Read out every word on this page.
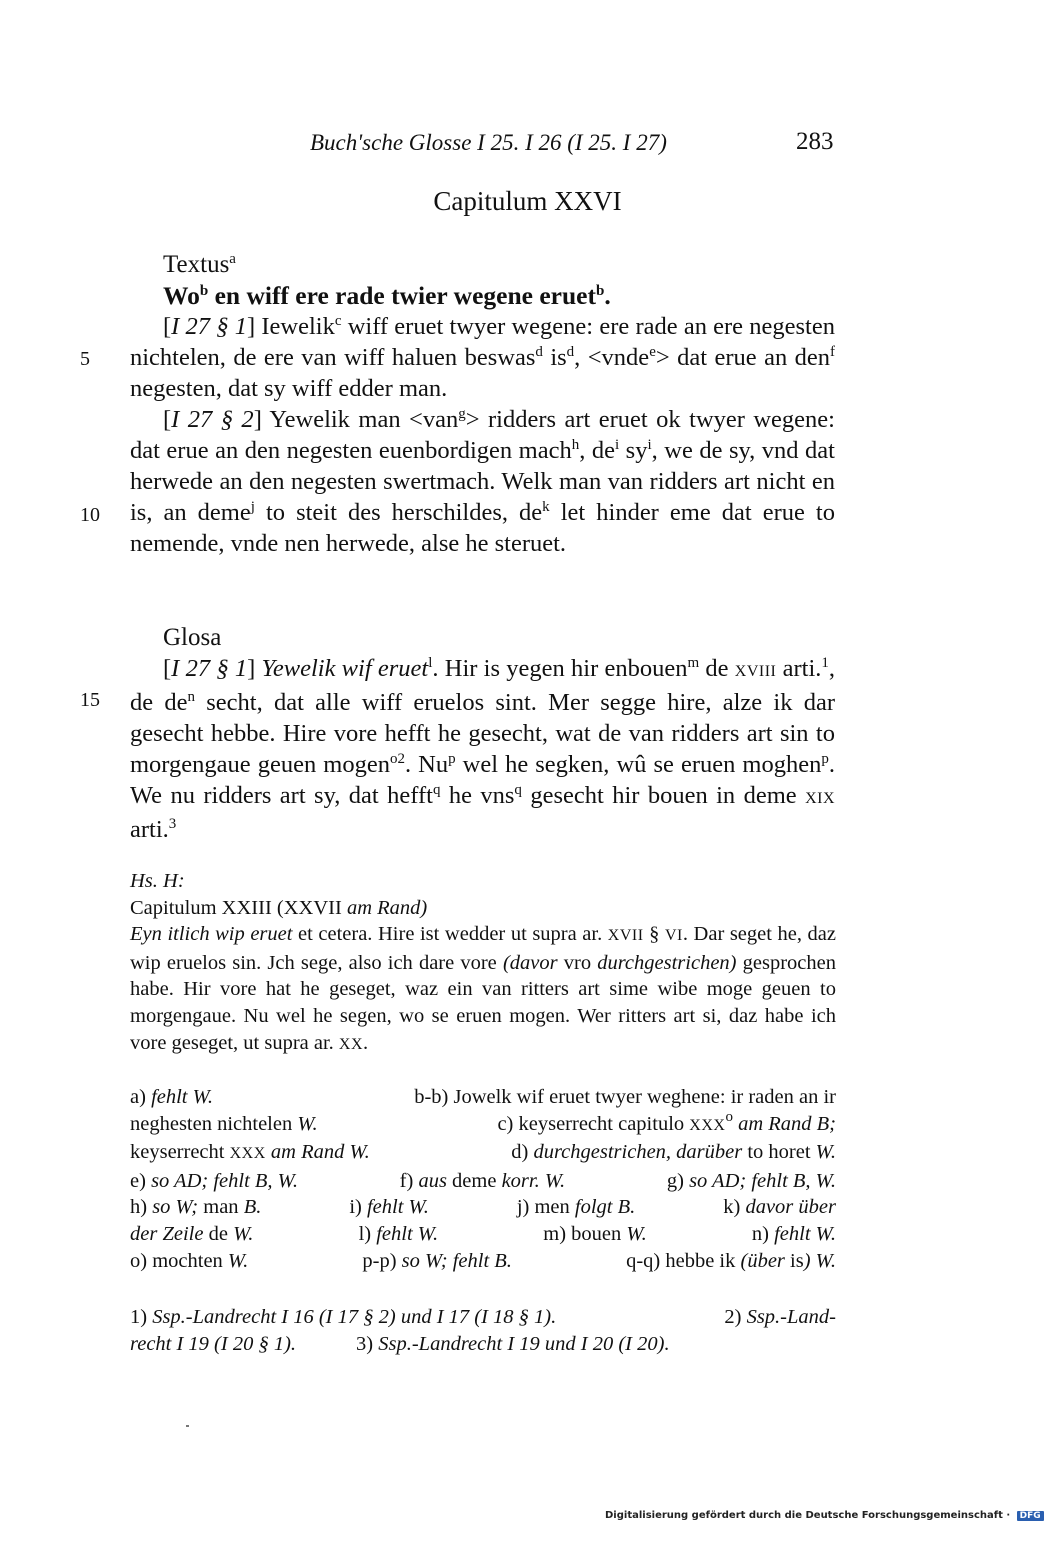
Buch'sche Glosse I 25. I 26 (I 25. I 27)	283
Capitulum XXVI
Textus$^a$
Wo$^b$ en wiff ere rade twier wegene eruet$^b$.
[I 27 § 1] Iewelik$^c$ wiff eruet twyer wegene: ere rade an ere negesten nichtelen, de ere van wiff haluen beswas$^d$ $is^d$, <vnde$^e$> dat erue an den$^f$ negesten, dat sy wiff edder man.
[I 27 § 2] Yewelik man <van$^g$> ridders art eruet ok twyer wegene: dat erue an den negesten euenbordigen mach$^h$, $de^i$ $sy^i$, we de sy, vnd dat herwede an den negesten swertmach. Welk man van ridders art nicht en is, an deme$^j$ to steit des herschildes, $de^k$ let hinder eme dat erue to nemende, vnde nen herwede, alse he steruet.
5
10
15
Glosa
[I 27 § 1] Yewelik wif eruet$^l$. Hir is yegen hir enbouen$^m$ de XVIII arti.$^1$, de $de^n$ secht, dat alle wiff eruelos sint. Mer segge hire, alze ik dar gesecht hebbe. Hire vore hefft he gesecht, wat de van ridders art sin to morgengaue geuen mogen$^{o2}$. Nu$^p$ wel he segken, wû se eruen moghen$^p$. We nu ridders art sy, dat hefft$^q$ he vns$^q$ gesecht hir bouen in deme XIX arti.$^3$
Hs. H:
Capitulum XXIII (XXVII am Rand)
Eyn itlich wip eruet et cetera. Hire ist wedder ut supra ar. XVII § VI. Dar seget he, daz wip eruelos sin. Jch sege, also ich dare vore (davor vro durchgestrichen) gesprochen habe. Hir vore hat he geseget, waz ein van ritters art sime wibe moge geuen to morgengaue. Nu wel he segen, wo se eruen mogen. Wer ritters art si, daz habe ich vore geseget, ut supra ar. XX.
a) fehlt W.	b-b) Jowelk wif eruet twyer weghene: ir raden an ir
neghesten nichtelen W.	c) keyserrecht capitulo XXX$^o$ am Rand B;
keyserrecht XXX am Rand W.	d) durchgestrichen, darüber to horet W.
e) so AD; fehlt B, W.	f) aus deme korr. W.	g) so AD; fehlt B, W.
h) so W; man B.	i) fehlt W.	j) men folgt B.	k) davor über
der Zeile de W.	l) fehlt W.	m) bouen W.	n) fehlt W.
o) mochten W.	p-p) so W; fehlt B.	q-q) hebbe ik (über is) W.
1) Ssp.-Landrecht I 16 (I 17 § 2) und I 17 (I 18 § 1).	2) Ssp.-Land-
recht I 19 (I 20 § 1).	3) Ssp.-Landrecht I 19 und I 20 (I 20).
Digitalisierung gefördert durch die Deutsche Forschungsgemeinschaft · DFG
